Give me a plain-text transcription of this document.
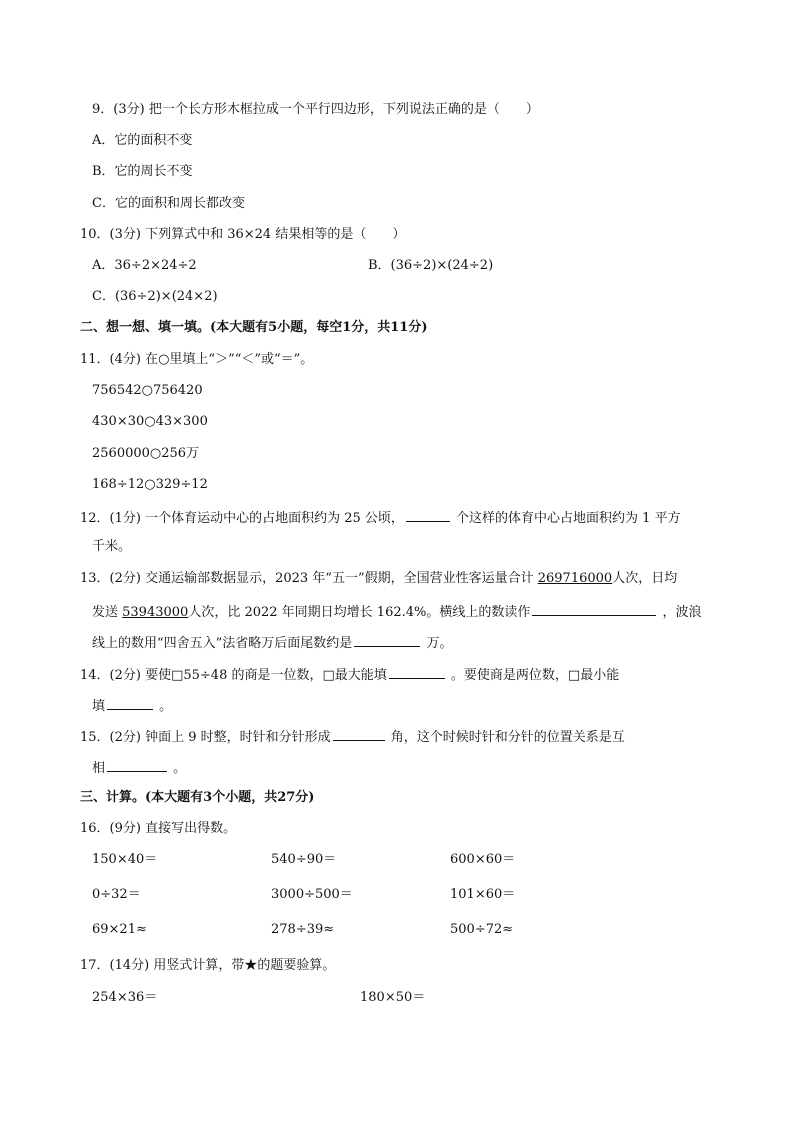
9．(3分) 把一个长方形木框拉成一个平行四边形，下列说法正确的是（　　）
A．它的面积不变
B．它的周长不变
C．它的面积和周长都改变
10．(3分) 下列算式中和 36×24 结果相等的是（　　）
A．36÷2×24÷2	B．(36÷2)×(24÷2)
C．(36÷2)×(24×2)
二、想一想、填一填。(本大题有5小题，每空1分，共11分)
11．(4分) 在○里填上“＞”“＜”或“＝”。
756542○756420
430×30○43×300
2560000○256万
168÷12○329÷12
12．(1分) 一个体育运动中心的占地面积约为 25 公顷，	个这样的体育中心占地面积约为 1 平方
千米。
13．(2分) 交通运输部数据显示，2023 年“五一”假期，全国营业性客运量合计 269716000人次，日均
发送 53943000人次，比 2022 年同期日均增长 162.4%。横线上的数读作	，波浪
线上的数用“四舍五入”法省略万后面尾数约是	万。
14．(2分) 要使□55÷48 的商是一位数，□最大能填	。要使商是两位数，□最小能
填	。
15．(2分) 钟面上 9 时整，时针和分针形成	角，这个时候时针和分针的位置关系是互
相	。
三、计算。(本大题有3个小题，共27分)
16．(9分) 直接写出得数。
150×40＝	540÷90＝	600×60＝
0÷32＝	3000÷500＝	101×60＝
69×21≈	278÷39≈	500÷72≈
17．(14分) 用竖式计算，带★的题要验算。
254×36＝	180×50＝
